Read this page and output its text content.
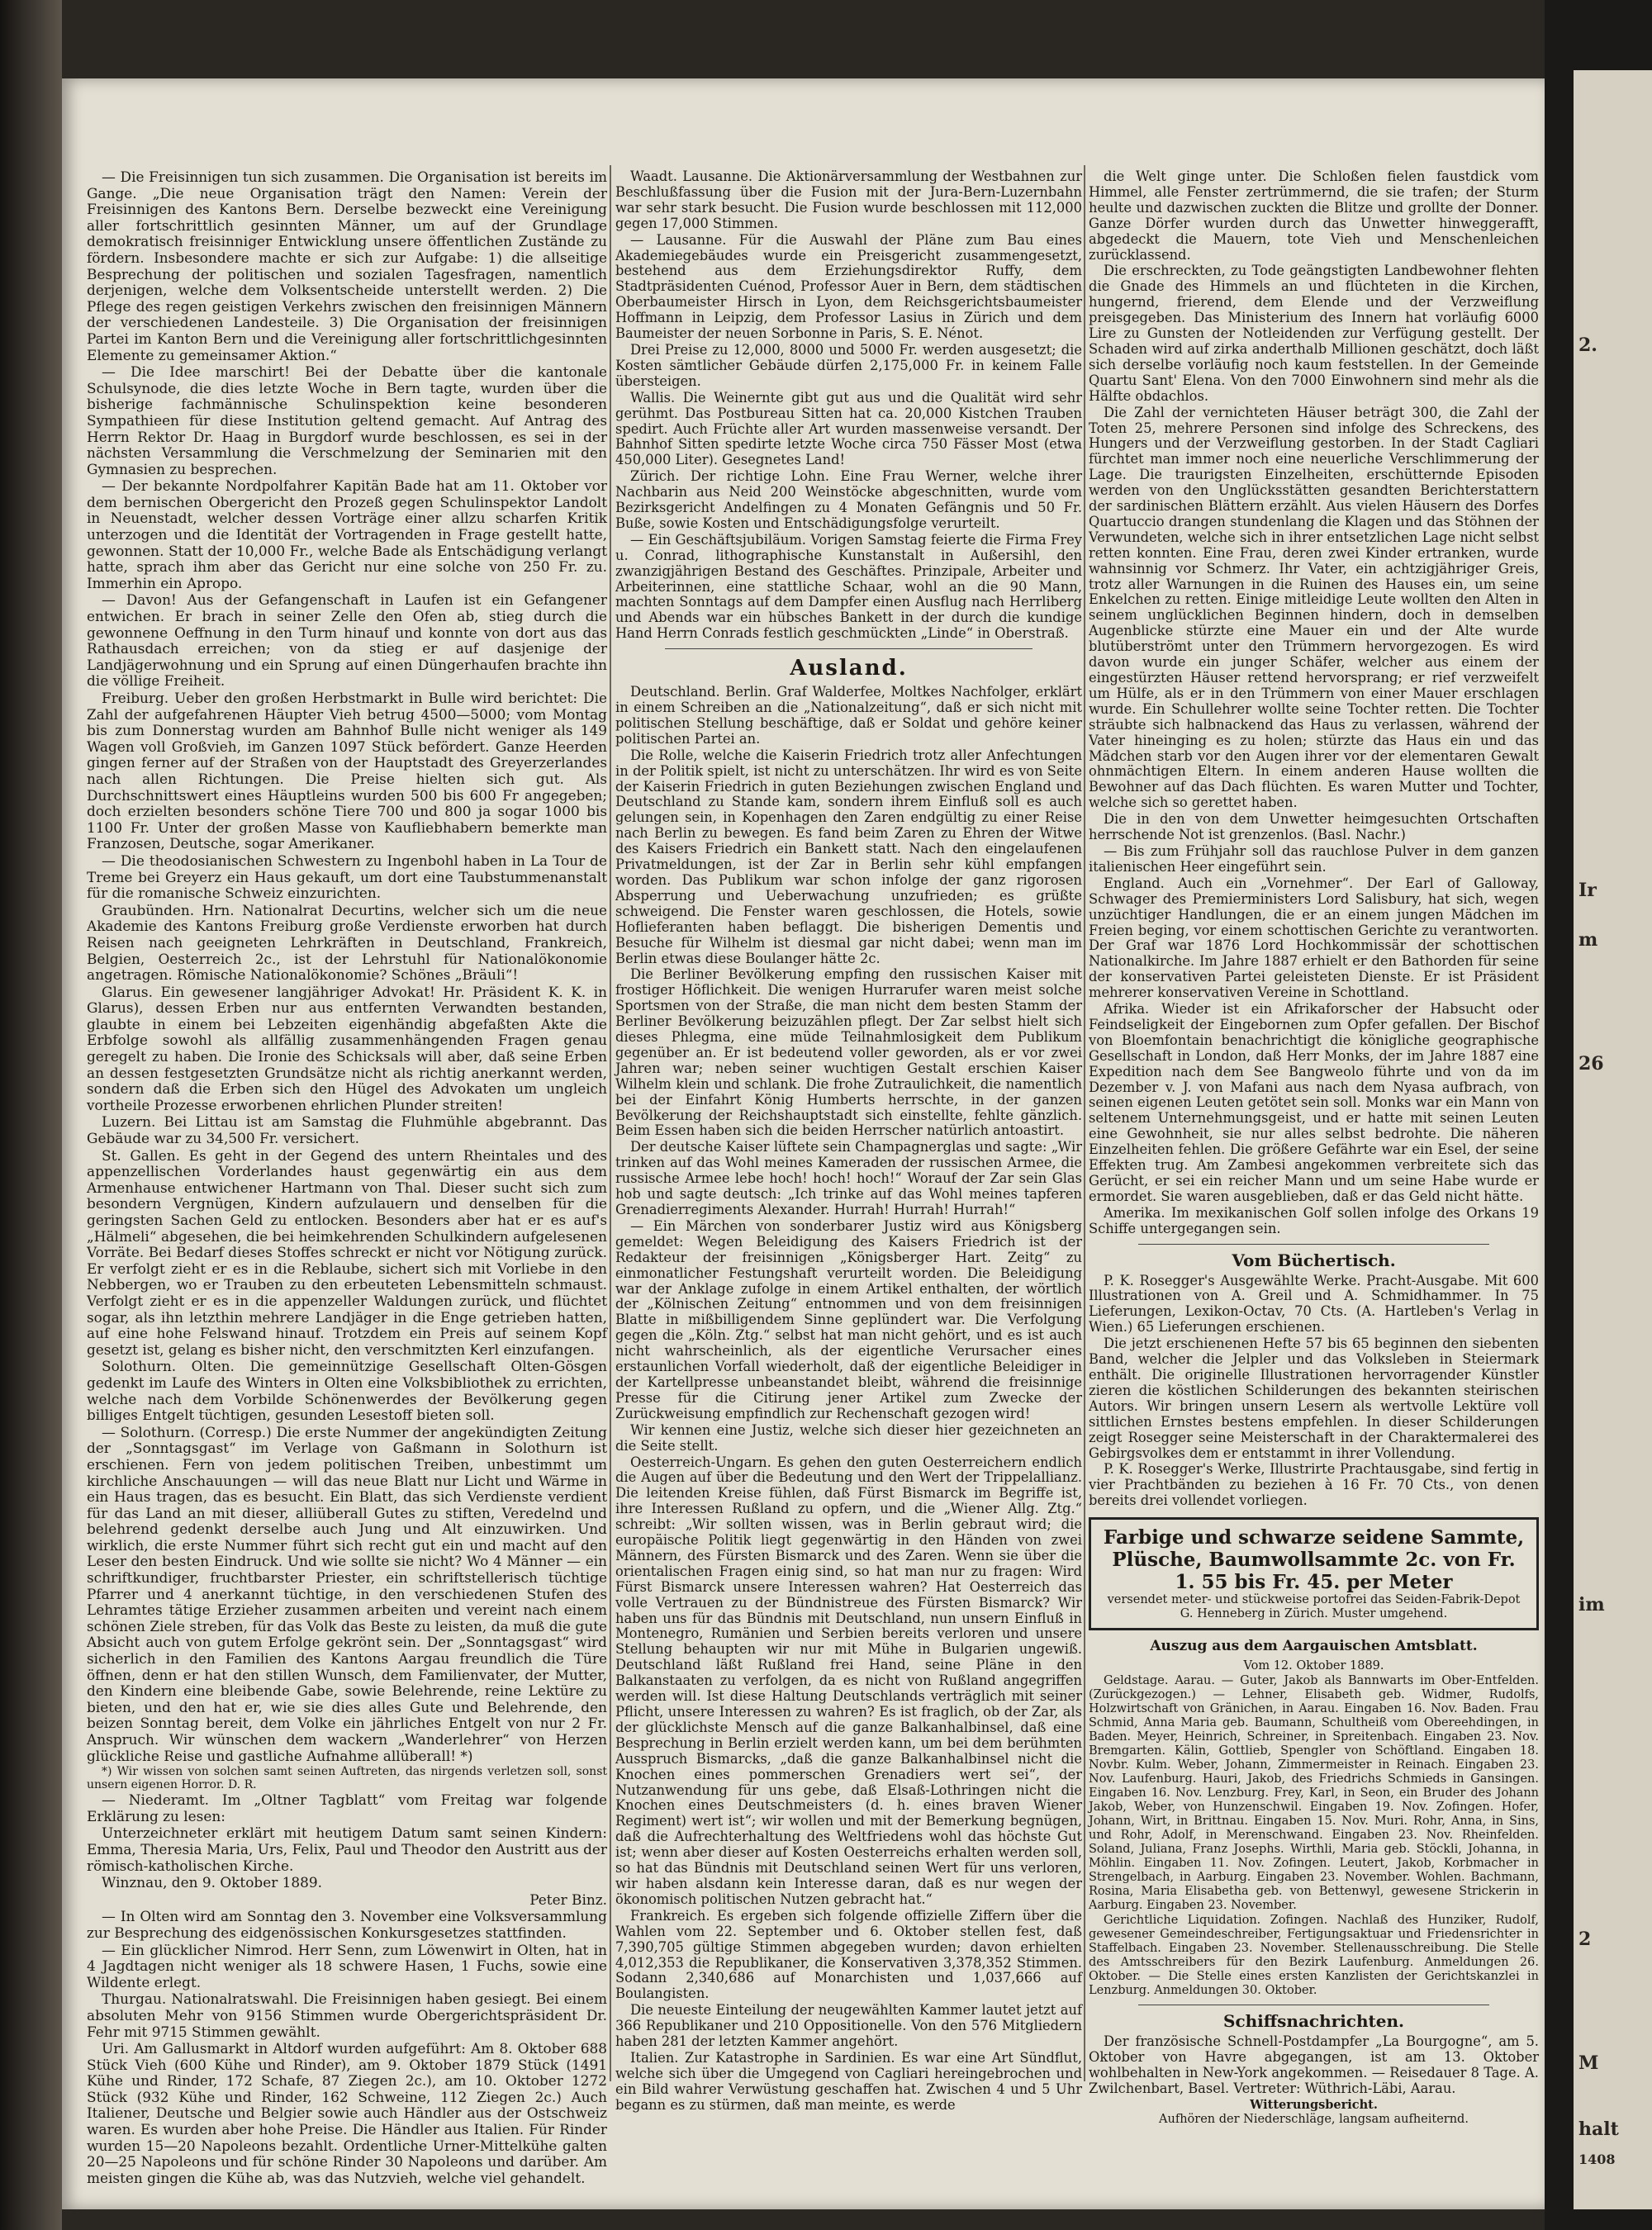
2.
Ir
m
26
im
2
M
halt
1408

— Die Freisinnigen tun sich zusammen. Die Organisation ist bereits im Gange. „Die neue Organisation trägt den Namen: Verein der Freisinnigen des Kantons Bern. Derselbe bezweckt eine Vereinigung aller fortschrittlich gesinnten Männer, um auf der Grundlage demokratisch freisinniger Entwicklung unsere öffentlichen Zustände zu fördern. Insbesondere machte er sich zur Aufgabe: 1) die allseitige Besprechung der politischen und sozialen Tagesfragen, namentlich derjenigen, welche dem Volksentscheide unterstellt werden. 2) Die Pflege des regen geistigen Verkehrs zwischen den freisinnigen Männern der verschiedenen Landesteile. 3) Die Organisation der freisinnigen Partei im Kanton Bern und die Vereinigung aller fortschrittlichgesinnten Elemente zu gemeinsamer Aktion.“

— Die Idee marschirt! Bei der Debatte über die kantonale Schulsynode, die dies letzte Woche in Bern tagte, wurden über die bisherige fachmännische Schulinspektion keine besonderen Sympathieen für diese Institution geltend gemacht. Auf Antrag des Herrn Rektor Dr. Haag in Burgdorf wurde beschlossen, es sei in der nächsten Versammlung die Verschmelzung der Seminarien mit den Gymnasien zu besprechen.

— Der bekannte Nordpolfahrer Kapitän Bade hat am 11. Oktober vor dem bernischen Obergericht den Prozeß gegen Schulinspektor Landolt in Neuenstadt, welcher dessen Vorträge einer allzu scharfen Kritik unterzogen und die Identität der Vortragenden in Frage gestellt hatte, gewonnen. Statt der 10,000 Fr., welche Bade als Entschädigung verlangt hatte, sprach ihm aber das Gericht nur eine solche von 250 Fr. zu. Immerhin ein Apropo.

— Davon! Aus der Gefangenschaft in Laufen ist ein Gefangener entwichen. Er brach in seiner Zelle den Ofen ab, stieg durch die gewonnene Oeffnung in den Turm hinauf und konnte von dort aus das Rathausdach erreichen; von da stieg er auf dasjenige der Landjägerwohnung und ein Sprung auf einen Düngerhaufen brachte ihn die völlige Freiheit.

Freiburg. Ueber den großen Herbstmarkt in Bulle wird berichtet: Die Zahl der aufgefahrenen Häupter Vieh betrug 4500—5000; vom Montag bis zum Donnerstag wurden am Bahnhof Bulle nicht weniger als 149 Wagen voll Großvieh, im Ganzen 1097 Stück befördert. Ganze Heerden gingen ferner auf der Straßen von der Hauptstadt des Greyerzerlandes nach allen Richtungen. Die Preise hielten sich gut. Als Durchschnittswert eines Häuptleins wurden 500 bis 600 Fr angegeben; doch erzielten besonders schöne Tiere 700 und 800 ja sogar 1000 bis 1100 Fr. Unter der großen Masse von Kaufliebhabern bemerkte man Franzosen, Deutsche, sogar Amerikaner.

— Die theodosianischen Schwestern zu Ingenbohl haben in La Tour de Treme bei Greyerz ein Haus gekauft, um dort eine Taubstummenanstalt für die romanische Schweiz einzurichten.

Graubünden. Hrn. Nationalrat Decurtins, welcher sich um die neue Akademie des Kantons Freiburg große Verdienste erworben hat durch Reisen nach geeigneten Lehrkräften in Deutschland, Frankreich, Belgien, Oesterreich 2c., ist der Lehrstuhl für Nationalökonomie angetragen. Römische Nationalökonomie? Schönes „Bräuli“!

Glarus. Ein gewesener langjähriger Advokat! Hr. Präsident K. K. in Glarus), dessen Erben nur aus entfernten Verwandten bestanden, glaubte in einem bei Lebzeiten eigenhändig abgefaßten Akte die Erbfolge sowohl als allfällig zusammenhängenden Fragen genau geregelt zu haben. Die Ironie des Schicksals will aber, daß seine Erben an dessen festgesetzten Grundsätze nicht als richtig anerkannt werden, sondern daß die Erben sich den Hügel des Advokaten um ungleich vortheile Prozesse erworbenen ehrlichen Plunder streiten!

Luzern. Bei Littau ist am Samstag die Fluhmühle abgebrannt. Das Gebäude war zu 34,500 Fr. versichert.

St. Gallen. Es geht in der Gegend des untern Rheintales und des appenzellischen Vorderlandes haust gegenwärtig ein aus dem Armenhause entwichener Hartmann von Thal. Dieser sucht sich zum besondern Vergnügen, Kindern aufzulauern und denselben für die geringsten Sachen Geld zu entlocken. Besonders aber hat er es auf's „Hälmeli“ abgesehen, die bei heimkehrenden Schulkindern aufgelesenen Vorräte. Bei Bedarf dieses Stoffes schreckt er nicht vor Nötigung zurück. Er verfolgt zieht er es in die Reblaube, sichert sich mit Vorliebe in den Nebbergen, wo er Trauben zu den erbeuteten Lebensmitteln schmaust. Verfolgt zieht er es in die appenzeller Waldungen zurück, und flüchtet sogar, als ihn letzthin mehrere Landjäger in die Enge getrieben hatten, auf eine hohe Felswand hinauf. Trotzdem ein Preis auf seinem Kopf gesetzt ist, gelang es bisher nicht, den verschmitzten Kerl einzufangen.

Solothurn. Olten. Die gemeinnützige Gesellschaft Olten-Gösgen gedenkt im Laufe des Winters in Olten eine Volksbibliothek zu errichten, welche nach dem Vorbilde Schönenwerdes der Bevölkerung gegen billiges Entgelt tüchtigen, gesunden Lesestoff bieten soll.

— Solothurn. (Corresp.) Die erste Nummer der angekündigten Zeitung der „Sonntagsgast“ im Verlage von Gaßmann in Solothurn ist erschienen. Fern von jedem politischen Treiben, unbestimmt um kirchliche Anschauungen — will das neue Blatt nur Licht und Wärme in ein Haus tragen, das es besucht. Ein Blatt, das sich Verdienste verdient für das Land an mit dieser, alliüberall Gutes zu stiften, Veredelnd und belehrend gedenkt derselbe auch Jung und Alt einzuwirken. Und wirklich, die erste Nummer führt sich recht gut ein und macht auf den Leser den besten Eindruck. Und wie sollte sie nicht? Wo 4 Männer — ein schriftkundiger, fruchtbarster Priester, ein schriftstellerisch tüchtige Pfarrer und 4 anerkannt tüchtige, in den verschiedenen Stufen des Lehramtes tätige Erzieher zusammen arbeiten und vereint nach einem schönen Ziele streben, für das Volk das Beste zu leisten, da muß die gute Absicht auch von gutem Erfolge gekrönt sein. Der „Sonntagsgast“ wird sicherlich in den Familien des Kantons Aargau freundlich die Türe öffnen, denn er hat den stillen Wunsch, dem Familienvater, der Mutter, den Kindern eine bleibende Gabe, sowie Belehrende, reine Lektüre zu bieten, und den hat er, wie sie dies alles Gute und Belehrende, den beizen Sonntag bereit, dem Volke ein jährliches Entgelt von nur 2 Fr. Anspruch. Wir wünschen dem wackern „Wanderlehrer“ von Herzen glückliche Reise und gastliche Aufnahme allüberall! *)

*) Wir wissen von solchen samt seinen Auftreten, das nirgends verletzen soll, sonst unsern eigenen Horror. D. R.

— Niederamt. Im „Oltner Tagblatt“ vom Freitag war folgende Erklärung zu lesen:

Unterzeichneter erklärt mit heutigem Datum samt seinen Kindern: Emma, Theresia Maria, Urs, Felix, Paul und Theodor den Austritt aus der römisch-katholischen Kirche.

Winznau, den 9. Oktober 1889.

Peter Binz.

— In Olten wird am Sonntag den 3. November eine Volksversammlung zur Besprechung des eidgenössischen Konkursgesetzes stattfinden.

— Ein glücklicher Nimrod. Herr Senn, zum Löwenwirt in Olten, hat in 4 Jagdtagen nicht weniger als 18 schwere Hasen, 1 Fuchs, sowie eine Wildente erlegt.

Thurgau. Nationalratswahl. Die Freisinnigen haben gesiegt. Bei einem absoluten Mehr von 9156 Stimmen wurde Obergerichtspräsident Dr. Fehr mit 9715 Stimmen gewählt.

Uri. Am Gallusmarkt in Altdorf wurden aufgeführt: Am 8. Oktober 688 Stück Vieh (600 Kühe und Rinder), am 9. Oktober 1879 Stück (1491 Kühe und Rinder, 172 Schafe, 87 Ziegen 2c.), am 10. Oktober 1272 Stück (932 Kühe und Rinder, 162 Schweine, 112 Ziegen 2c.) Auch Italiener, Deutsche und Belgier sowie auch Händler aus der Ostschweiz waren. Es wurden aber hohe Preise. Die Händler aus Italien. Für Rinder wurden 15—20 Napoleons bezahlt. Ordentliche Urner-Mittelkühe galten 20—25 Napoleons und für schöne Rinder 30 Napoleons und darüber. Am meisten gingen die Kühe ab, was das Nutzvieh, welche viel gehandelt.

Waadt. Lausanne. Die Aktionärversammlung der Westbahnen zur Beschlußfassung über die Fusion mit der Jura-Bern-Luzernbahn war sehr stark besucht. Die Fusion wurde beschlossen mit 112,000 gegen 17,000 Stimmen.

— Lausanne. Für die Auswahl der Pläne zum Bau eines Akademiegebäudes wurde ein Preisgericht zusammengesetzt, bestehend aus dem Erziehungsdirektor Ruffy, dem Stadtpräsidenten Cuénod, Professor Auer in Bern, dem städtischen Oberbaumeister Hirsch in Lyon, dem Reichsgerichtsbaumeister Hoffmann in Leipzig, dem Professor Lasius in Zürich und dem Baumeister der neuen Sorbonne in Paris, S. E. Nénot.

Drei Preise zu 12,000, 8000 und 5000 Fr. werden ausgesetzt; die Kosten sämtlicher Gebäude dürfen 2,175,000 Fr. in keinem Falle übersteigen.

Wallis. Die Weinernte gibt gut aus und die Qualität wird sehr gerühmt. Das Postbureau Sitten hat ca. 20,000 Kistchen Trauben spedirt. Auch Früchte aller Art wurden massenweise versandt. Der Bahnhof Sitten spedirte letzte Woche circa 750 Fässer Most (etwa 450,000 Liter). Gesegnetes Land!

Zürich. Der richtige Lohn. Eine Frau Werner, welche ihrer Nachbarin aus Neid 200 Weinstöcke abgeschnitten, wurde vom Bezirksgericht Andelfingen zu 4 Monaten Gefängnis und 50 Fr. Buße, sowie Kosten und Entschädigungsfolge verurteilt.

— Ein Geschäftsjubiläum. Vorigen Samstag feierte die Firma Frey u. Conrad, lithographische Kunstanstalt in Außersihl, den zwanzigjährigen Bestand des Geschäftes. Prinzipale, Arbeiter und Arbeiterinnen, eine stattliche Schaar, wohl an die 90 Mann, machten Sonntags auf dem Dampfer einen Ausflug nach Herrliberg und Abends war ein hübsches Bankett in der durch die kundige Hand Herrn Conrads festlich geschmückten „Linde“ in Oberstraß.

Ausland.

Deutschland. Berlin. Graf Walderfee, Moltkes Nachfolger, erklärt in einem Schreiben an die „Nationalzeitung“, daß er sich nicht mit politischen Stellung beschäftige, daß er Soldat und gehöre keiner politischen Partei an.

Die Rolle, welche die Kaiserin Friedrich trotz aller Anfechtungen in der Politik spielt, ist nicht zu unterschätzen. Ihr wird es von Seite der Kaiserin Friedrich in guten Beziehungen zwischen England und Deutschland zu Stande kam, sondern ihrem Einfluß soll es auch gelungen sein, in Kopenhagen den Zaren endgültig zu einer Reise nach Berlin zu bewegen. Es fand beim Zaren zu Ehren der Witwe des Kaisers Friedrich ein Bankett statt. Nach den eingelaufenen Privatmeldungen, ist der Zar in Berlin sehr kühl empfangen worden. Das Publikum war schon infolge der ganz rigorosen Absperrung und Ueberwachung unzufrieden; es grüßte schweigend. Die Fenster waren geschlossen, die Hotels, sowie Hoflieferanten haben beflaggt. Die bisherigen Dementis und Besuche für Wilhelm ist diesmal gar nicht dabei; wenn man im Berlin etwas diese Boulanger hätte 2c.

Die Berliner Bevölkerung empfing den russischen Kaiser mit frostiger Höflichkeit. Die wenigen Hurrarufer waren meist solche Sportsmen von der Straße, die man nicht dem besten Stamm der Berliner Bevölkerung beizuzählen pflegt. Der Zar selbst hielt sich dieses Phlegma, eine müde Teilnahmlosigkeit dem Publikum gegenüber an. Er ist bedeutend voller geworden, als er vor zwei Jahren war; neben seiner wuchtigen Gestalt erschien Kaiser Wilhelm klein und schlank. Die frohe Zutraulichkeit, die namentlich bei der Einfahrt König Humberts herrschte, in der ganzen Bevölkerung der Reichshauptstadt sich einstellte, fehlte gänzlich. Beim Essen haben sich die beiden Herrscher natürlich antoastirt.

Der deutsche Kaiser lüftete sein Champagnerglas und sagte: „Wir trinken auf das Wohl meines Kameraden der russischen Armee, die russische Armee lebe hoch! hoch! hoch!“ Worauf der Zar sein Glas hob und sagte deutsch: „Ich trinke auf das Wohl meines tapferen Grenadierregiments Alexander. Hurrah! Hurrah! Hurrah!“

— Ein Märchen von sonderbarer Justiz wird aus Königsberg gemeldet: Wegen Beleidigung des Kaisers Friedrich ist der Redakteur der freisinnigen „Königsberger Hart. Zeitg“ zu einmonatlicher Festungshaft verurteilt worden. Die Beleidigung war der Anklage zufolge in einem Artikel enthalten, der wörtlich der „Kölnischen Zeitung“ entnommen und von dem freisinnigen Blatte in mißbilligendem Sinne geplündert war. Die Verfolgung gegen die „Köln. Ztg.“ selbst hat man nicht gehört, und es ist auch nicht wahrscheinlich, als der eigentliche Verursacher eines erstaunlichen Vorfall wiederholt, daß der eigentliche Beleidiger in der Kartellpresse unbeanstandet bleibt, während die freisinnige Presse für die Citirung jener Artikel zum Zwecke der Zurückweisung empfindlich zur Rechenschaft gezogen wird!

Wir kennen eine Justiz, welche sich dieser hier gezeichneten an die Seite stellt.

Oesterreich-Ungarn. Es gehen den guten Oesterreichern endlich die Augen auf über die Bedeutung und den Wert der Trippelallianz. Die leitenden Kreise fühlen, daß Fürst Bismarck im Begriffe ist, ihre Interessen Rußland zu opfern, und die „Wiener Allg. Ztg.“ schreibt: „Wir sollten wissen, was in Berlin gebraut wird; die europäische Politik liegt gegenwärtig in den Händen von zwei Männern, des Fürsten Bismarck und des Zaren. Wenn sie über die orientalischen Fragen einig sind, so hat man nur zu fragen: Wird Fürst Bismarck unsere Interessen wahren? Hat Oesterreich das volle Vertrauen zu der Bündnistreue des Fürsten Bismarck? Wir haben uns für das Bündnis mit Deutschland, nun unsern Einfluß in Montenegro, Rumänien und Serbien bereits verloren und unsere Stellung behaupten wir nur mit Mühe in Bulgarien ungewiß. Deutschland läßt Rußland frei Hand, seine Pläne in den Balkanstaaten zu verfolgen, da es nicht von Rußland angegriffen werden will. Ist diese Haltung Deutschlands verträglich mit seiner Pflicht, unsere Interessen zu wahren? Es ist fraglich, ob der Zar, als der glücklichste Mensch auf die ganze Balkanhalbinsel, daß eine Besprechung in Berlin erzielt werden kann, um bei dem berühmten Ausspruch Bismarcks, „daß die ganze Balkanhalbinsel nicht die Knochen eines pommerschen Grenadiers wert sei“, der Nutzanwendung für uns gebe, daß Elsaß-Lothringen nicht die Knochen eines Deutschmeisters (d. h. eines braven Wiener Regiment) wert ist“; wir wollen und mit der Bemerkung begnügen, daß die Aufrechterhaltung des Weltfriedens wohl das höchste Gut ist; wenn aber dieser auf Kosten Oesterreichs erhalten werden soll, so hat das Bündnis mit Deutschland seinen Wert für uns verloren, wir haben alsdann kein Interesse daran, daß es nur wegen der ökonomisch politischen Nutzen gebracht hat.“

Frankreich. Es ergeben sich folgende offizielle Ziffern über die Wahlen vom 22. September und 6. Oktober stellen fest, daß 7,390,705 gültige Stimmen abgegeben wurden; davon erhielten 4,012,353 die Republikaner, die Konservativen 3,378,352 Stimmen. Sodann 2,340,686 auf Monarchisten und 1,037,666 auf Boulangisten.

Die neueste Einteilung der neugewählten Kammer lautet jetzt auf 366 Republikaner und 210 Oppositionelle. Von den 576 Mitgliedern haben 281 der letzten Kammer angehört.

Italien. Zur Katastrophe in Sardinien. Es war eine Art Sündflut, welche sich über die Umgegend von Cagliari hereingebrochen und ein Bild wahrer Verwüstung geschaffen hat. Zwischen 4 und 5 Uhr begann es zu stürmen, daß man meinte, es werde

die Welt ginge unter. Die Schloßen fielen faustdick vom Himmel, alle Fenster zertrümmernd, die sie trafen; der Sturm heulte und dazwischen zuckten die Blitze und grollte der Donner. Ganze Dörfer wurden durch das Unwetter hinweggerafft, abgedeckt die Mauern, tote Vieh und Menschenleichen zurücklassend.

Die erschreckten, zu Tode geängstigten Landbewohner flehten die Gnade des Himmels an und flüchteten in die Kirchen, hungernd, frierend, dem Elende und der Verzweiflung preisgegeben. Das Ministerium des Innern hat vorläufig 6000 Lire zu Gunsten der Notleidenden zur Verfügung gestellt. Der Schaden wird auf zirka anderthalb Millionen geschätzt, doch läßt sich derselbe vorläufig noch kaum feststellen. In der Gemeinde Quartu Sant' Elena. Von den 7000 Einwohnern sind mehr als die Hälfte obdachlos.

Die Zahl der vernichteten Häuser beträgt 300, die Zahl der Toten 25, mehrere Personen sind infolge des Schreckens, des Hungers und der Verzweiflung gestorben. In der Stadt Cagliari fürchtet man immer noch eine neuerliche Verschlimmerung der Lage. Die traurigsten Einzelheiten, erschütternde Episoden werden von den Unglücksstätten gesandten Berichterstattern der sardinischen Blättern erzählt. Aus vielen Häusern des Dorfes Quartuccio drangen stundenlang die Klagen und das Stöhnen der Verwundeten, welche sich in ihrer entsetzlichen Lage nicht selbst retten konnten. Eine Frau, deren zwei Kinder ertranken, wurde wahnsinnig vor Schmerz. Ihr Vater, ein achtzigjähriger Greis, trotz aller Warnungen in die Ruinen des Hauses ein, um seine Enkelchen zu retten. Einige mitleidige Leute wollten den Alten in seinem unglücklichen Beginnen hindern, doch in demselben Augenblicke stürzte eine Mauer ein und der Alte wurde blutüberströmt unter den Trümmern hervorgezogen. Es wird davon wurde ein junger Schäfer, welcher aus einem der eingestürzten Häuser rettend hervorsprang; er rief verzweifelt um Hülfe, als er in den Trümmern von einer Mauer erschlagen wurde. Ein Schullehrer wollte seine Tochter retten. Die Tochter sträubte sich halbnackend das Haus zu verlassen, während der Vater hineinging es zu holen; stürzte das Haus ein und das Mädchen starb vor den Augen ihrer vor der elementaren Gewalt ohnmächtigen Eltern. In einem anderen Hause wollten die Bewohner auf das Dach flüchten. Es waren Mutter und Tochter, welche sich so gerettet haben.

Die in den von dem Unwetter heimgesuchten Ortschaften herrschende Not ist grenzenlos. (Basl. Nachr.)

— Bis zum Frühjahr soll das rauchlose Pulver in dem ganzen italienischen Heer eingeführt sein.

England. Auch ein „Vornehmer“. Der Earl of Galloway, Schwager des Premierministers Lord Salisbury, hat sich, wegen unzüchtiger Handlungen, die er an einem jungen Mädchen im Freien beging, vor einem schottischen Gerichte zu verantworten. Der Graf war 1876 Lord Hochkommissär der schottischen Nationalkirche. Im Jahre 1887 erhielt er den Bathorden für seine der konservativen Partei geleisteten Dienste. Er ist Präsident mehrerer konservativen Vereine in Schottland.

Afrika. Wieder ist ein Afrikaforscher der Habsucht oder Feindseligkeit der Eingebornen zum Opfer gefallen. Der Bischof von Bloemfontain benachrichtigt die königliche geographische Gesellschaft in London, daß Herr Monks, der im Jahre 1887 eine Expedition nach dem See Bangweolo führte und von da im Dezember v. J. von Mafani aus nach dem Nyasa aufbrach, von seinen eigenen Leuten getötet sein soll. Monks war ein Mann von seltenem Unternehmungsgeist, und er hatte mit seinen Leuten eine Gewohnheit, sie nur alles selbst bedrohte. Die näheren Einzelheiten fehlen. Die größere Gefährte war ein Esel, der seine Effekten trug. Am Zambesi angekommen verbreitete sich das Gerücht, er sei ein reicher Mann und um seine Habe wurde er ermordet. Sie waren ausgeblieben, daß er das Geld nicht hätte.

Amerika. Im mexikanischen Golf sollen infolge des Orkans 19 Schiffe untergegangen sein.

Vom Büchertisch.

P. K. Rosegger's Ausgewählte Werke. Pracht-Ausgabe. Mit 600 Illustrationen von A. Greil und A. Schmidhammer. In 75 Lieferungen, Lexikon-Octav, 70 Cts. (A. Hartleben's Verlag in Wien.) 65 Lieferungen erschienen.

Die jetzt erschienenen Hefte 57 bis 65 beginnen den siebenten Band, welcher die Jelpler und das Volksleben in Steiermark enthält. Die originelle Illustrationen hervorragender Künstler zieren die köstlichen Schilderungen des bekannten steirischen Autors. Wir bringen unsern Lesern als wertvolle Lektüre voll sittlichen Ernstes bestens empfehlen. In dieser Schilderungen zeigt Rosegger seine Meisterschaft in der Charaktermalerei des Gebirgsvolkes dem er entstammt in ihrer Vollendung.

P. K. Rosegger's Werke, Illustrirte Prachtausgabe, sind fertig in vier Prachtbänden zu beziehen à 16 Fr. 70 Cts., von denen bereits drei vollendet vorliegen.

Farbige und schwarze seidene Sammte, Plüsche, Baumwollsammte 2c. von Fr. 1. 55 bis Fr. 45. per Meter
versendet meter- und stückweise portofrei das Seiden-Fabrik-Depot G. Henneberg in Zürich. Muster umgehend.

Auszug aus dem Aargauischen Amtsblatt.

Vom 12. Oktober 1889.

Geldstage. Aarau. — Guter, Jakob als Bannwarts im Ober-Entfelden. (Zurückgezogen.) — Lehner, Elisabeth geb. Widmer, Rudolfs, Holzwirtschaft von Gränichen, in Aarau. Eingaben 16. Nov. Baden. Frau Schmid, Anna Maria geb. Baumann, Schultheiß vom Obereehdingen, in Baden. Meyer, Heinrich, Schreiner, in Spreitenbach. Eingaben 23. Nov. Bremgarten. Kälin, Gottlieb, Spengler von Schöftland. Eingaben 18. Novbr. Kulm. Weber, Johann, Zimmermeister in Reinach. Eingaben 23. Nov. Laufenburg. Hauri, Jakob, des Friedrichs Schmieds in Gansingen. Eingaben 16. Nov. Lenzburg. Frey, Karl, in Seon, ein Bruder des Johann Jakob, Weber, von Hunzenschwil. Eingaben 19. Nov. Zofingen. Hofer, Johann, Wirt, in Brittnau. Eingaben 15. Nov. Muri. Rohr, Anna, in Sins, und Rohr, Adolf, in Merenschwand. Eingaben 23. Nov. Rheinfelden. Soland, Juliana, Franz Josephs. Wirthli, Maria geb. Stöckli, Johanna, in Möhlin. Eingaben 11. Nov. Zofingen. Leutert, Jakob, Korbmacher in Strengelbach, in Aarburg. Eingaben 23. November. Wohlen. Bachmann, Rosina, Maria Elisabetha geb. von Bettenwyl, gewesene Strickerin in Aarburg. Eingaben 23. November.

Gerichtliche Liquidation. Zofingen. Nachlaß des Hunziker, Rudolf, gewesener Gemeindeschreiber, Fertigungsaktuar und Friedensrichter in Staffelbach. Eingaben 23. November. Stellenausschreibung. Die Stelle des Amtsschreibers für den Bezirk Laufenburg. Anmeldungen 26. Oktober. — Die Stelle eines ersten Kanzlisten der Gerichtskanzlei in Lenzburg. Anmeldungen 30. Oktober.

Schiffsnachrichten.

Der französische Schnell-Postdampfer „La Bourgogne“, am 5. Oktober von Havre abgegangen, ist am 13. Oktober wohlbehalten in New-York angekommen. — Reisedauer 8 Tage. A. Zwilchenbart, Basel. Vertreter: Wüthrich-Läbi, Aarau.

Witterungsbericht.

Aufhören der Niederschläge, langsam aufheiternd.
